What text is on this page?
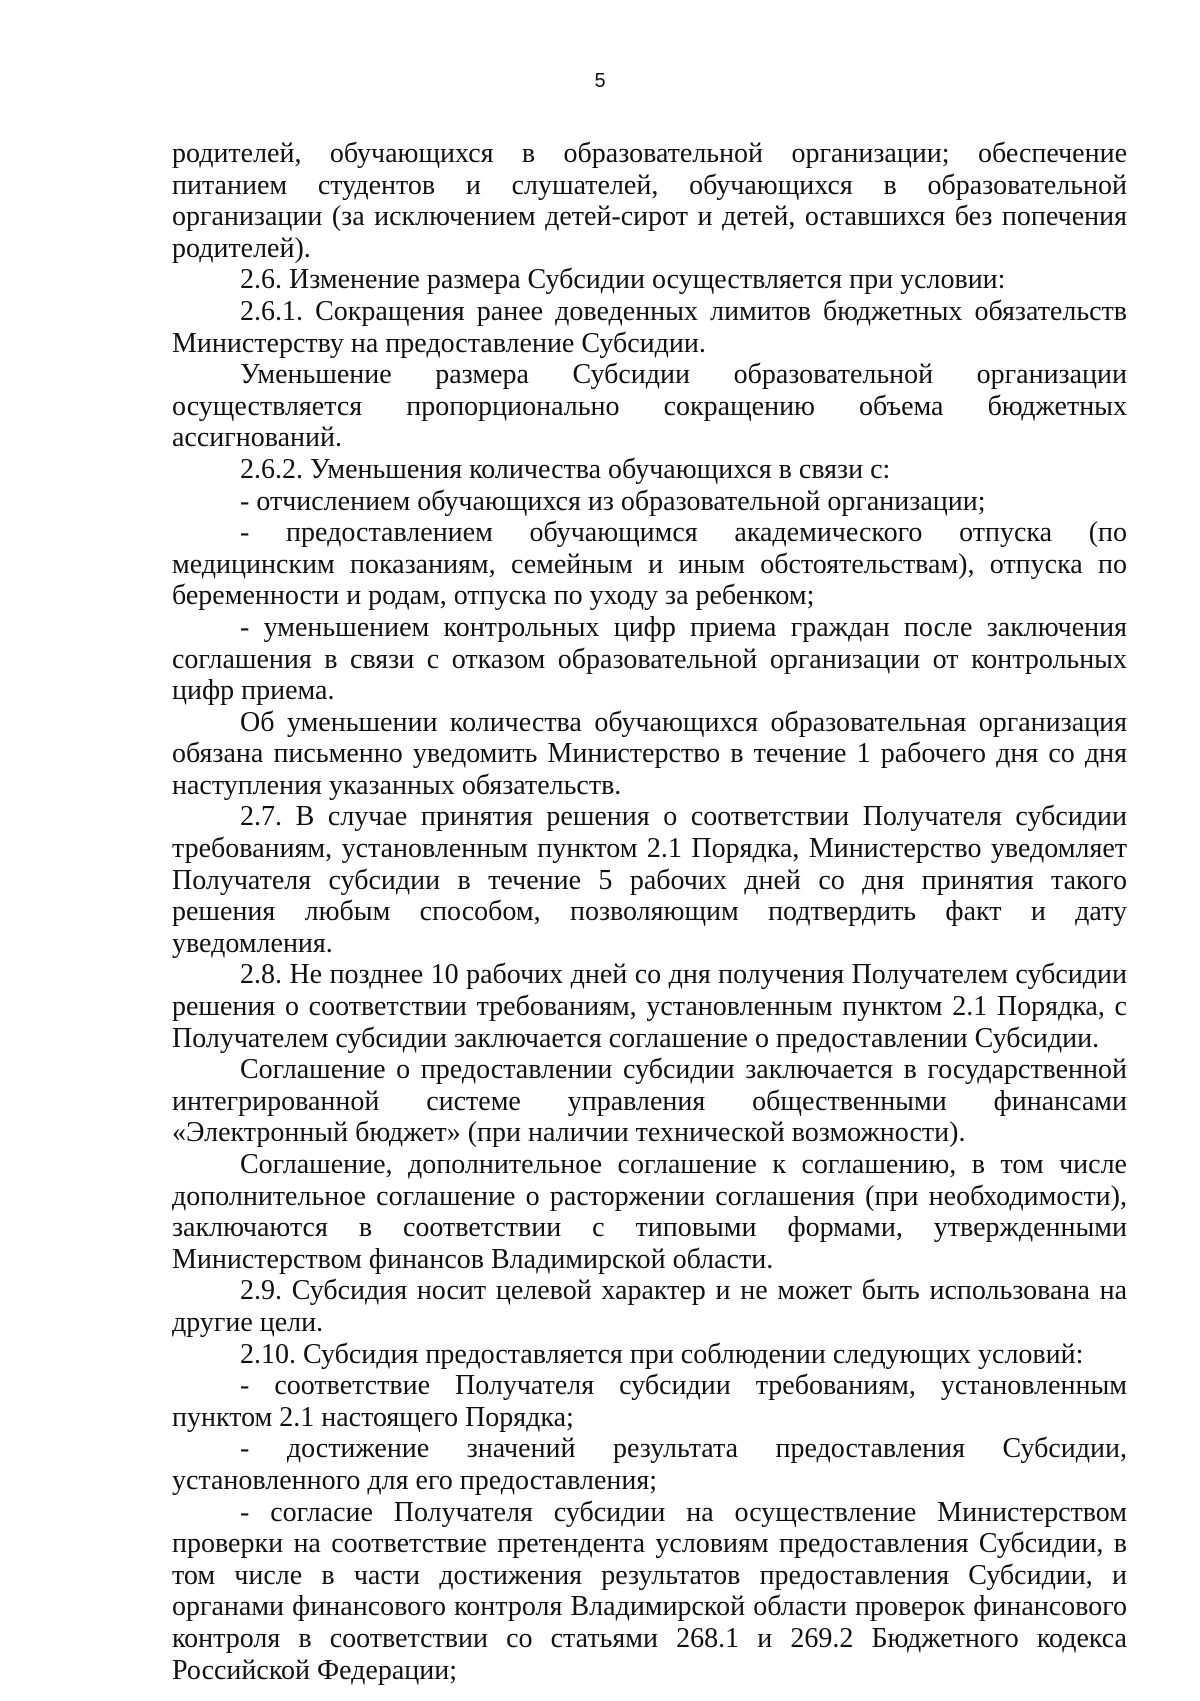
5

родителей, обучающихся в образовательной организации; обеспечение питанием студентов и слушателей, обучающихся в образовательной организации (за исключением детей-сирот и детей, оставшихся без попечения родителей).

2.6. Изменение размера Субсидии осуществляется при условии:

2.6.1. Сокращения ранее доведенных лимитов бюджетных обязательств Министерству на предоставление Субсидии.

Уменьшение размера Субсидии образовательной организации осуществляется пропорционально сокращению объема бюджетных ассигнований.

2.6.2. Уменьшения количества обучающихся в связи с:

- отчислением обучающихся из образовательной организации;

- предоставлением обучающимся академического отпуска (по медицинским показаниям, семейным и иным обстоятельствам), отпуска по беременности и родам, отпуска по уходу за ребенком;

- уменьшением контрольных цифр приема граждан после заключения соглашения в связи с отказом образовательной организации от контрольных цифр приема.

Об уменьшении количества обучающихся образовательная организация обязана письменно уведомить Министерство в течение 1 рабочего дня со дня наступления указанных обязательств.

2.7. В случае принятия решения о соответствии Получателя субсидии требованиям, установленным пунктом 2.1 Порядка, Министерство уведомляет Получателя субсидии в течение 5 рабочих дней со дня принятия такого решения любым способом, позволяющим подтвердить факт и дату уведомления.

2.8. Не позднее 10 рабочих дней со дня получения Получателем субсидии решения о соответствии требованиям, установленным пунктом 2.1 Порядка, с Получателем субсидии заключается соглашение о предоставлении Субсидии.

Соглашение о предоставлении субсидии заключается в государственной интегрированной системе управления общественными финансами «Электронный бюджет» (при наличии технической возможности).

Соглашение, дополнительное соглашение к соглашению, в том числе дополнительное соглашение о расторжении соглашения (при необходимости), заключаются в соответствии с типовыми формами, утвержденными Министерством финансов Владимирской области.

2.9. Субсидия носит целевой характер и не может быть использована на другие цели.

2.10. Субсидия предоставляется при соблюдении следующих условий:

- соответствие Получателя субсидии требованиям, установленным пунктом 2.1 настоящего Порядка;

- достижение значений результата предоставления Субсидии, установленного для его предоставления;

- согласие Получателя субсидии на осуществление Министерством проверки на соответствие претендента условиям предоставления Субсидии, в том числе в части достижения результатов предоставления Субсидии, и органами финансового контроля Владимирской области проверок финансового контроля в соответствии со статьями 268.1 и 269.2 Бюджетного кодекса Российской Федерации;
